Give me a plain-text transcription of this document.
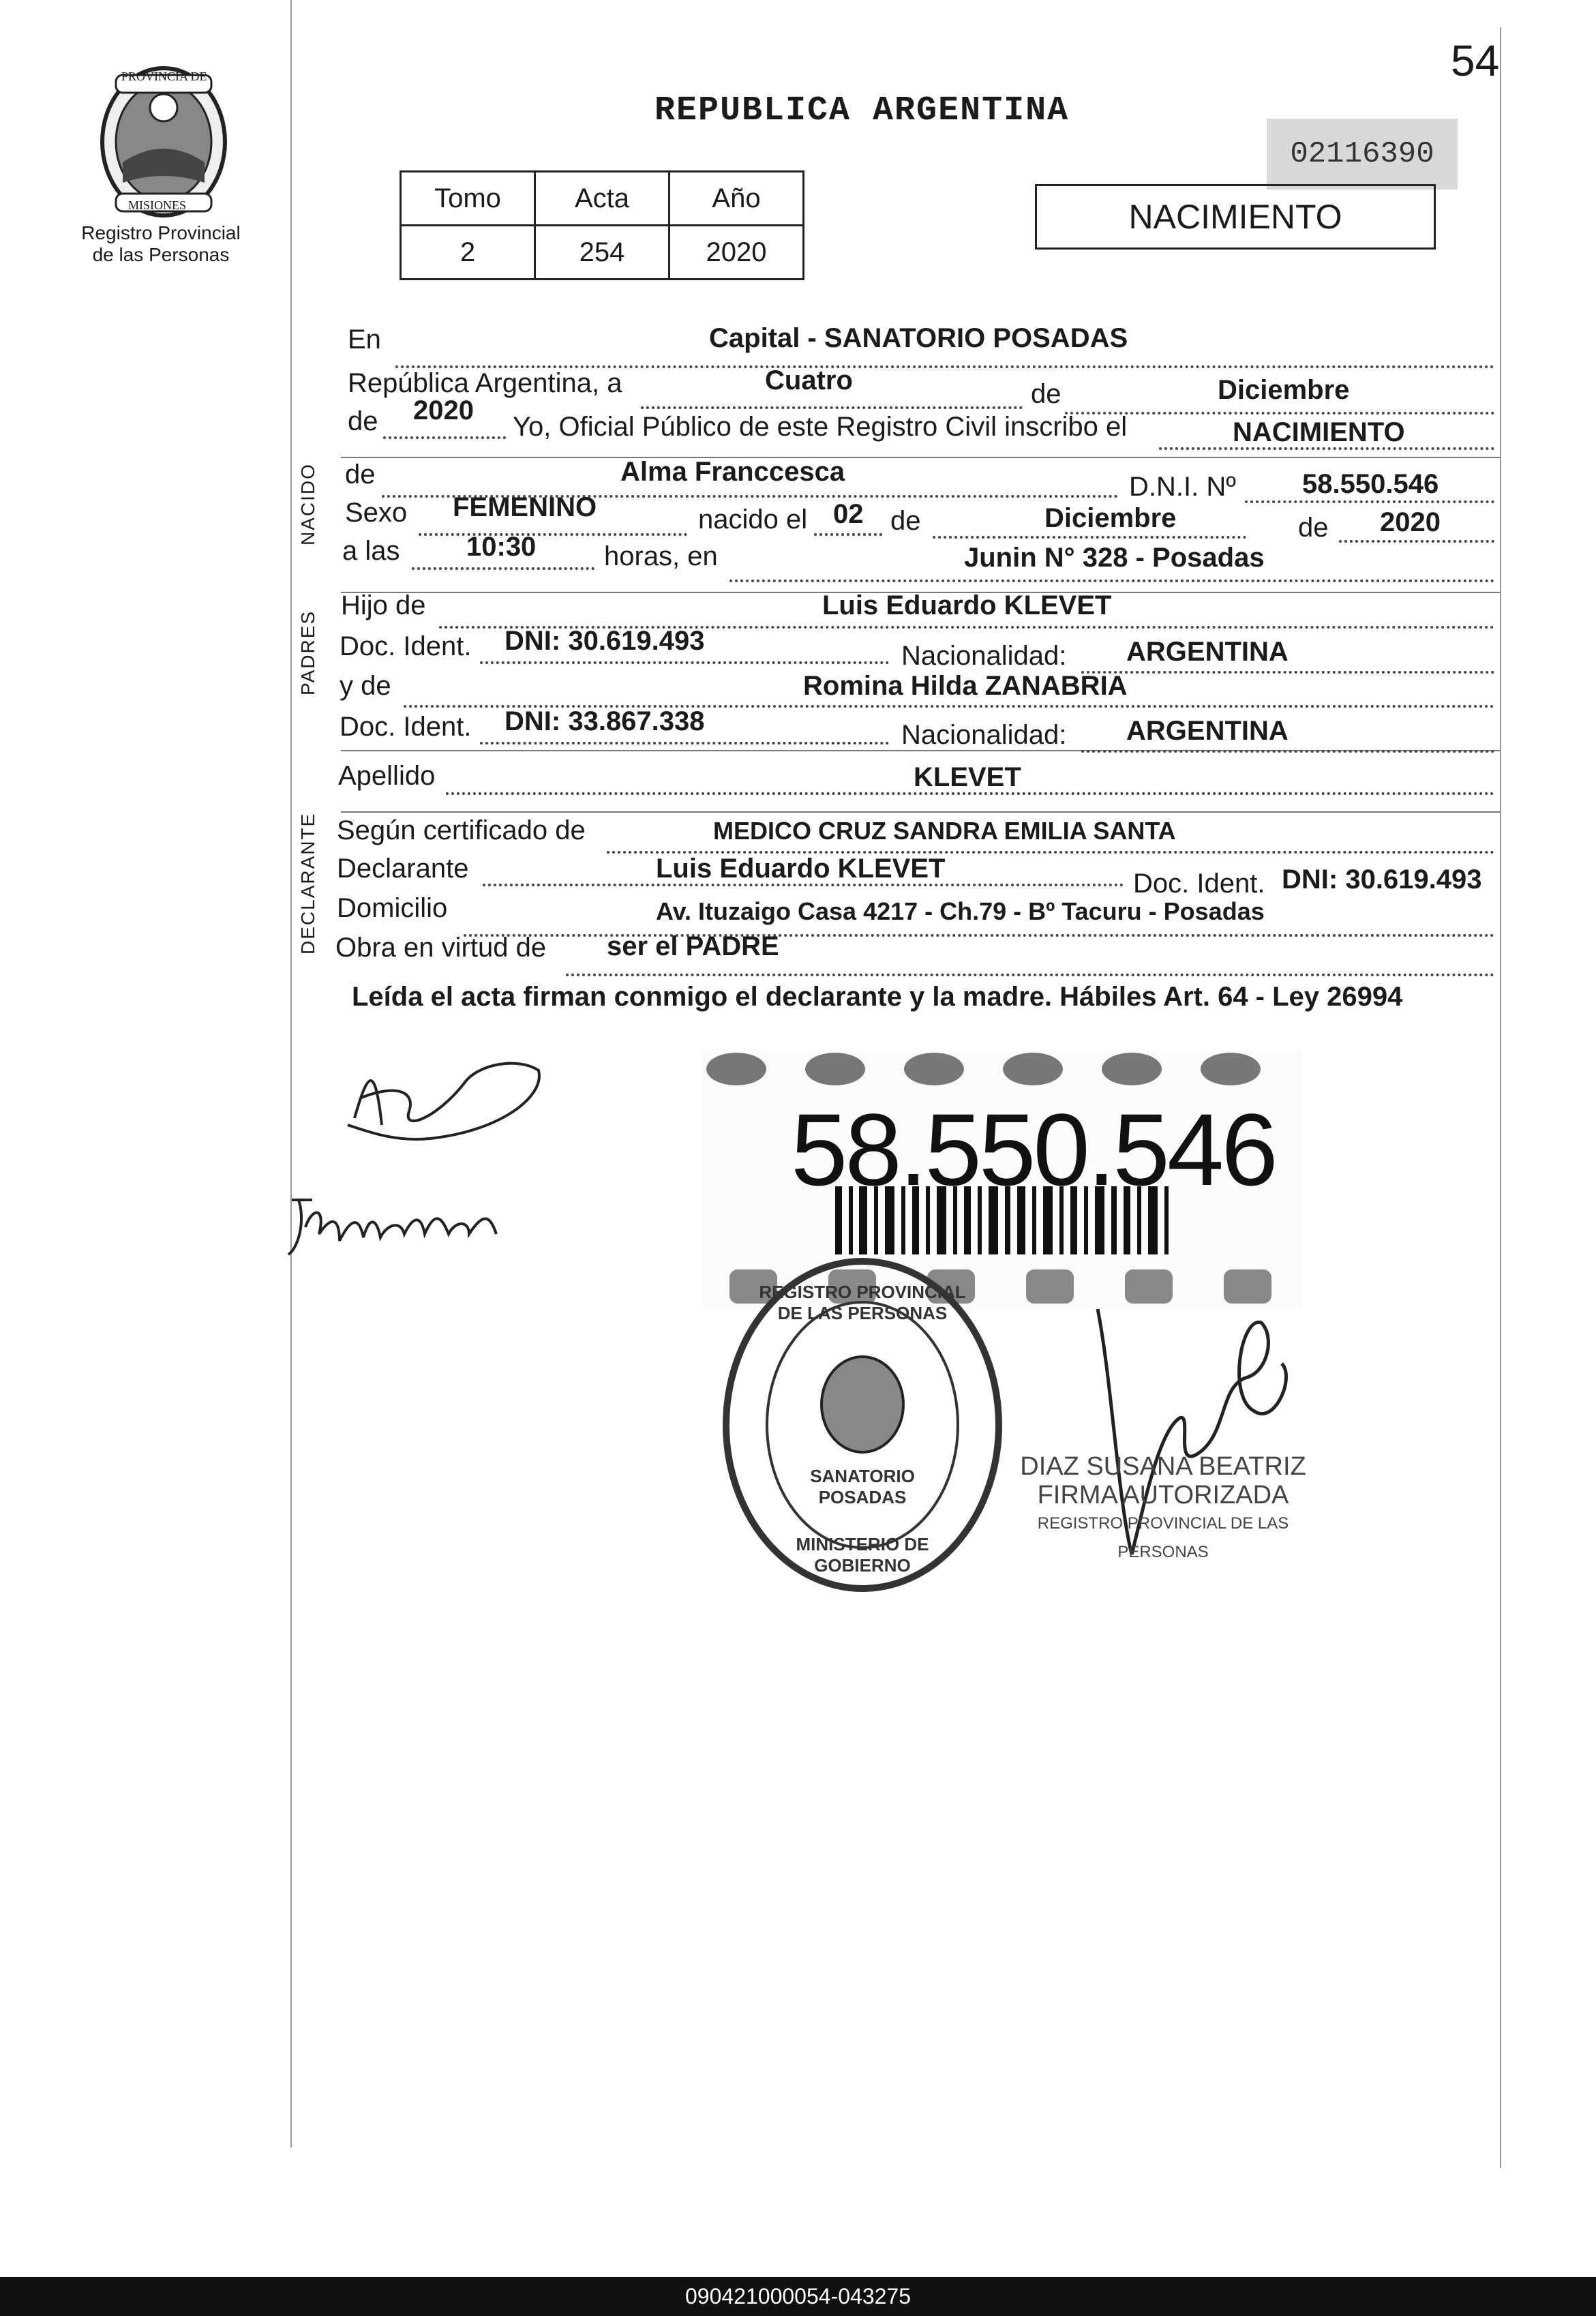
54
PROVINCIA DE
MISIONES
Registro Provincial
de las Personas
REPUBLICA ARGENTINA
02116390
Tomo	Acta	Año
2	254	2020
NACIMIENTO
NACIDO
PADRES
DECLARANTE
En	Capital - SANATORIO POSADAS
República Argentina, a	Cuatro	de	Diciembre
de 2020
Yo, Oficial Público de este Registro Civil inscribo el	NACIMIENTO
de	Alma Franccesca	D.N.I. Nº 58.550.546
Sexo FEMENINO	nacido el 02 de	Diciembre	de 2020
a las 10:30 horas, en	Junin N° 328 - Posadas
Hijo de	Luis Eduardo KLEVET
Doc. Ident. DNI: 30.619.493	Nacionalidad: ARGENTINA
y de	Romina Hilda ZANABRIA
Doc. Ident. DNI: 33.867.338	Nacionalidad: ARGENTINA
Apellido	KLEVET
Según certificado de	MEDICO CRUZ SANDRA EMILIA SANTA
Declarante	Luis Eduardo KLEVET	Doc. Ident. DNI: 30.619.493
Domicilio	Av. Ituzaigo Casa 4217 - Ch.79 - Bº Tacuru - Posadas
Obra en virtud de ser el PADRE
Leída el acta firman conmigo el declarante y la madre. Hábiles Art. 64 - Ley 26994
58.550.546
REGISTRO PROVINCIAL DE LAS PERSONAS
SANATORIO POSADAS
MINISTERIO DE GOBIERNO
DIAZ SUSANA BEATRIZ
FIRMA AUTORIZADA
REGISTRO PROVINCIAL DE LAS PERSONAS
090421000054-043275
